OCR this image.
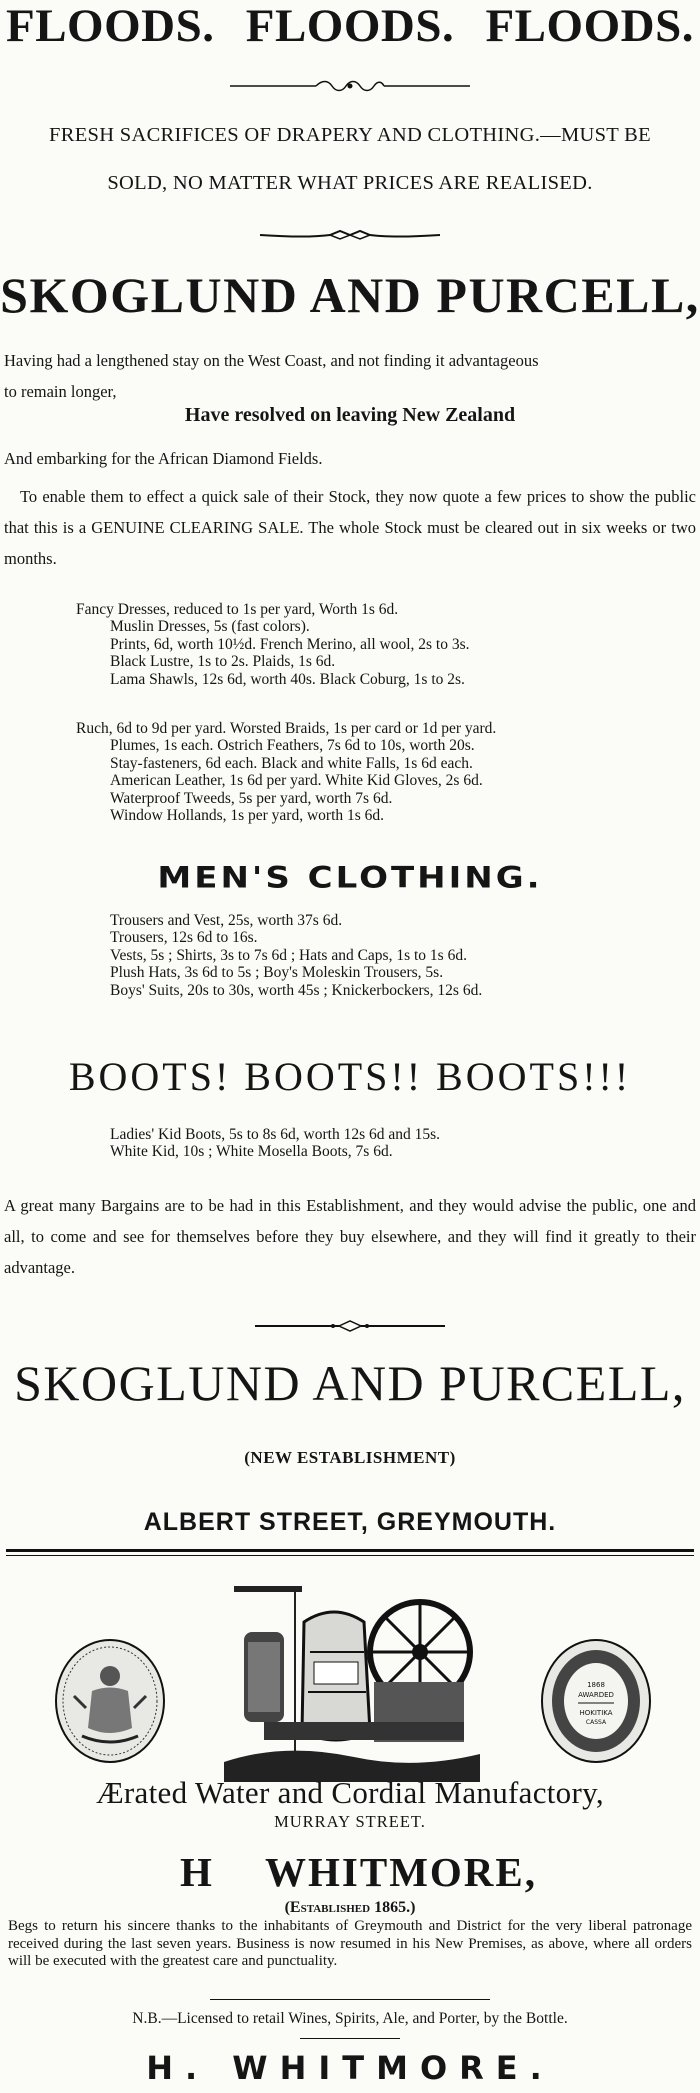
FLOODS. FLOODS. FLOODS.
FRESH SACRIFICES OF DRAPERY AND CLOTHING.—MUST BE
SOLD, NO MATTER WHAT PRICES ARE REALISED.
SKOGLUND AND PURCELL,
Having had a lengthened stay on the West Coast, and not finding it advantageous
to remain longer,
Have resolved on leaving New Zealand
And embarking for the African Diamond Fields.
To enable them to effect a quick sale of their Stock, they now quote a few prices to show the public that this is a GENUINE CLEARING SALE. The whole Stock must be cleared out in six weeks or two months.
Fancy Dresses, reduced to 1s per yard, Worth 1s 6d.
Muslin Dresses, 5s (fast colors).
Prints, 6d, worth 10½d. French Merino, all wool, 2s to 3s.
Black Lustre, 1s to 2s. Plaids, 1s 6d.
Lama Shawls, 12s 6d, worth 40s. Black Coburg, 1s to 2s.
Ruch, 6d to 9d per yard. Worsted Braids, 1s per card or 1d per yard.
Plumes, 1s each. Ostrich Feathers, 7s 6d to 10s, worth 20s.
Stay-fasteners, 6d each. Black and white Falls, 1s 6d each.
American Leather, 1s 6d per yard. White Kid Gloves, 2s 6d.
Waterproof Tweeds, 5s per yard, worth 7s 6d.
Window Hollands, 1s per yard, worth 1s 6d.
MEN'S CLOTHING.
Trousers and Vest, 25s, worth 37s 6d.
Trousers, 12s 6d to 16s.
Vests, 5s ; Shirts, 3s to 7s 6d ; Hats and Caps, 1s to 1s 6d.
Plush Hats, 3s 6d to 5s ; Boy's Moleskin Trousers, 5s.
Boys' Suits, 20s to 30s, worth 45s ; Knickerbockers, 12s 6d.
BOOTS! BOOTS!! BOOTS!!!
Ladies' Kid Boots, 5s to 8s 6d, worth 12s 6d and 15s.
White Kid, 10s ; White Mosella Boots, 7s 6d.
A great many Bargains are to be had in this Establishment, and they would advise the public, one and all, to come and see for themselves before they buy elsewhere, and they will find it greatly to their advantage.
SKOGLUND AND PURCELL,
(NEW ESTABLISHMENT)
ALBERT STREET, GREYMOUTH.
1868
AWARDED
HOKITIKA
CASSA
Ærated Water and Cordial Manufactory,
MURRAY STREET.
H WHITMORE,
(Established 1865.)
Begs to return his sincere thanks to the inhabitants of Greymouth and District for the very liberal patronage received during the last seven years. Business is now resumed in his New Premises, as above, where all orders will be executed with the greatest care and punctuality.
N.B.—Licensed to retail Wines, Spirits, Ale, and Porter, by the Bottle.
H. WHITMORE.
